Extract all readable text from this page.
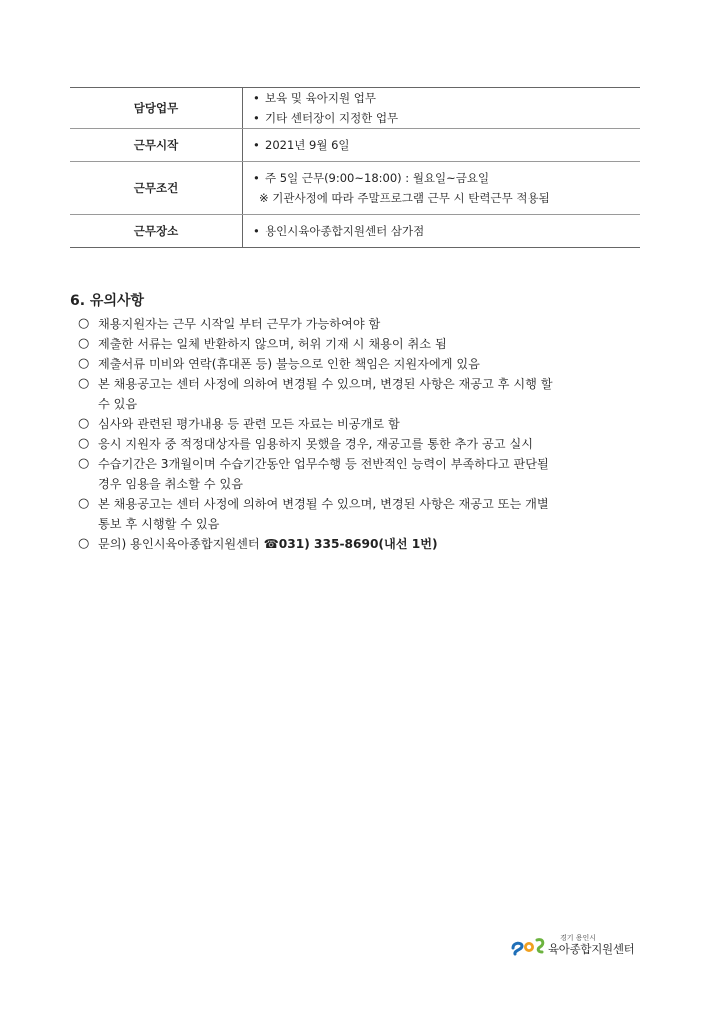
담당업무	• 보육 및 육아지원 업무
• 기타 센터장이 지정한 업무

근무시작	• 2021년 9월 6일

근무조건	• 주 5일 근무(9:00~18:00) : 월요일~금요일
※ 기관사정에 따라 주말프로그램 근무 시 탄력근무 적용됨

근무장소	• 용인시육아종합지원센터 삼가점
6. 유의사항
○ 채용지원자는 근무 시작일 부터 근무가 가능하여야 함
○ 제출한 서류는 일체 반환하지 않으며, 허위 기재 시 채용이 취소 됨
○ 제출서류 미비와 연락(휴대폰 등) 불능으로 인한 책임은 지원자에게 있음
○ 본 채용공고는 센터 사정에 의하여 변경될 수 있으며, 변경된 사항은 재공고 후 시행 할
수 있음
○ 심사와 관련된 평가내용 등 관련 모든 자료는 비공개로 함
○ 응시 지원자 중 적정대상자를 임용하지 못했을 경우, 재공고를 통한 추가 공고 실시
○ 수습기간은 3개월이며 수습기간동안 업무수행 등 전반적인 능력이 부족하다고 판단될
경우 임용을 취소할 수 있음
○ 본 채용공고는 센터 사정에 의하여 변경될 수 있으며, 변경된 사항은 재공고 또는 개별
통보 후 시행할 수 있음
○ 문의) 용인시육아종합지원센터 ☎031) 335-8690(내선 1번)
경기 용인시
육아종합지원센터
